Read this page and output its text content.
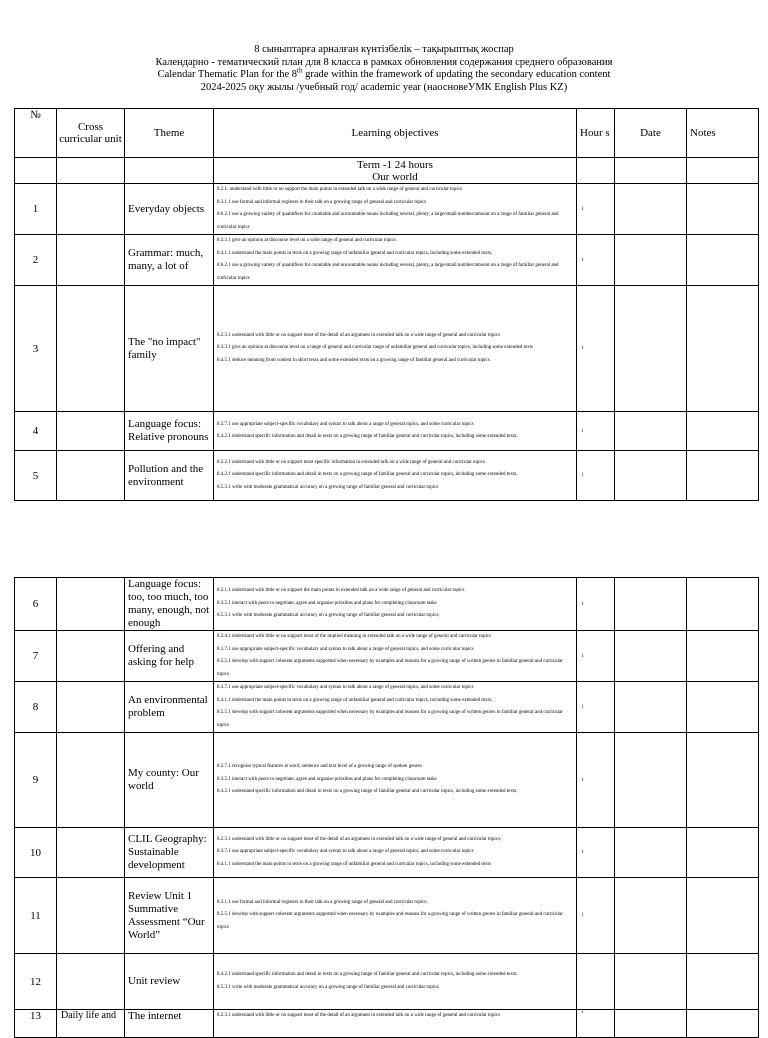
8 сыныптарға арналған күнтізбелік – тақырыптық жоспар
Календарно - тематический план для 8 класса в рамках обновления содержания среднего образования
Calendar Thematic Plan for the 8th grade within the framework of updating the secondary education content
2024-2025 оқу жылы /учебный год/ academic year (наосновеУМК English Plus KZ)
№	Cross curricular unit	Theme	Learning objectives	Hour s	Date	Notes

			Term -1 24 hours
Our world			

1		Everyday objects	8.2.1. understand with little or no support the main points in extended talk on a wide range of general and curricular topics
8.3.1.1 use formal and informal registers in their talk on a growing range of general and curricular topics
8.6.2.1 use a growing variety of quantifiers for countable and uncountable nouns including several, plenty, a large/small number/amount on a range of familiar general and curricular topics	1		
2		Grammar: much, many, a lot of	8.3.3.1 give an opinion at discourse level on a wide range of general and curricular topics
8.4.1.1 understand the main points in texts on a growing range of unfamiliar general and curricular topics, including some extended texts;
8.6.2.1 use a growing variety of quantifiers for countable and uncountable nouns including several, plenty, a large/small number/amount on a range of familiar general and curricular topics	1		
3		The "no impact" family	8.2.3.1 understand with little or no support most of the detail of an argument in extended talk on a wide range of general and curricular topics
8.3.3.1 give an opinion at discourse level on a range of general and curricular range of unfamiliar general and curricular topics, including some extended texts
8.4.5.1 deduce meaning from context in short texts and some extended texts on a growing range of familiar general and curricular topics	1		
4		Language focus: Relative pronouns	8.3.7.1 use appropriate subject-specific vocabulary and syntax to talk about a range of general topics, and some curricular topics
8.4.2.1 understand specific information and detail in texts on a growing range of familiar general and curricular topics, including some extended texts;	1		
5		Pollution and the environment	8.2.2.1 understand with little or no support most specific information in extended talk on a wide range of general and curricular topics
8.4.2.1 understand specific information and detail in texts on a growing range of familiar general and curricular topics, including some extended texts;
8.5.3.1 write with moderate grammatical accuracy on a growing range of familiar general and curricular topics	1		
6		Language focus: too, too much, too many, enough, not enough	8.2.1.1 understand with little or no support the main points in extended talk on a wide range of general and curricular topics
8.3.5.1 interact with peers to negotiate, agree and organise priorities and plans for completing classroom tasks
8.5.3.1 write with moderate grammatical accuracy on a growing range of familiar general and curricular topics;	1		
7		Offering and asking for help	8.2.4.1 understand with little or no support most of the implied meaning in extended talk on a wide range of general and curricular topics
8.3.7.1 use appropriate subject-specific vocabulary and syntax to talk about a range of general topics, and some curricular topics
8.5.5.1 develop with support coherent arguments supported when necessary by examples and reasons for a growing range of written genres in familiar general and curricular topics	1		
8		An environmental problem	8.3.7.1 use appropriate subject-specific vocabulary and syntax to talk about a range of general topics, and some curricular topics
8.4.1.1 understand the main points in texts on a growing range of unfamiliar general and curricular topics, including some extended texts;
8.5.5.1 develop with support coherent arguments supported when necessary by examples and reasons for a growing range of written genres in familiar general and curricular topics	1		
9		My county: Our world	8.2.7.1 recognise typical features at word, sentence and text level of a growing range of spoken genres
8.3.5.1 interact with peers to negotiate, agree and organise priorities and plans for completing classroom tasks
8.4.2.1 understand specific information and detail in texts on a growing range of familiar general and curricular topics, including some extended texts;	1		
10		CLIL Geography: Sustainable development	8.2.3.1 understand with little or no support most of the detail of an argument in extended talk on a wide range of general and curricular topics;
8.3.7.1 use appropriate subject-specific vocabulary and syntax to talk about a range of general topics, and some curricular topics
8.4.1.1 understand the main points in texts on a growing range of unfamiliar general and curricular topics, including some extended texts	1		
11		Review Unit 1 Summative Assessment “Our World”	8.3.1.1 use formal and informal registers in their talk on a growing range of general and curricular topics;
8.5.5.1 develop with support coherent arguments supported when necessary by examples and reasons for a growing range of written genres in familiar general and curricular topics	1		
12		Unit review	8.4.2.1 understand specific information and detail in texts on a growing range of familiar general and curricular topics, including some extended texts;
8.5.3.1 write with moderate grammatical accuracy on a growing range of familiar general and curricular topics;			

13	Daily life and	The internet	8.2.3.1 understand with little or no support most of the detail of an argument in extended talk on a wide range of general and curricular topics	1		
